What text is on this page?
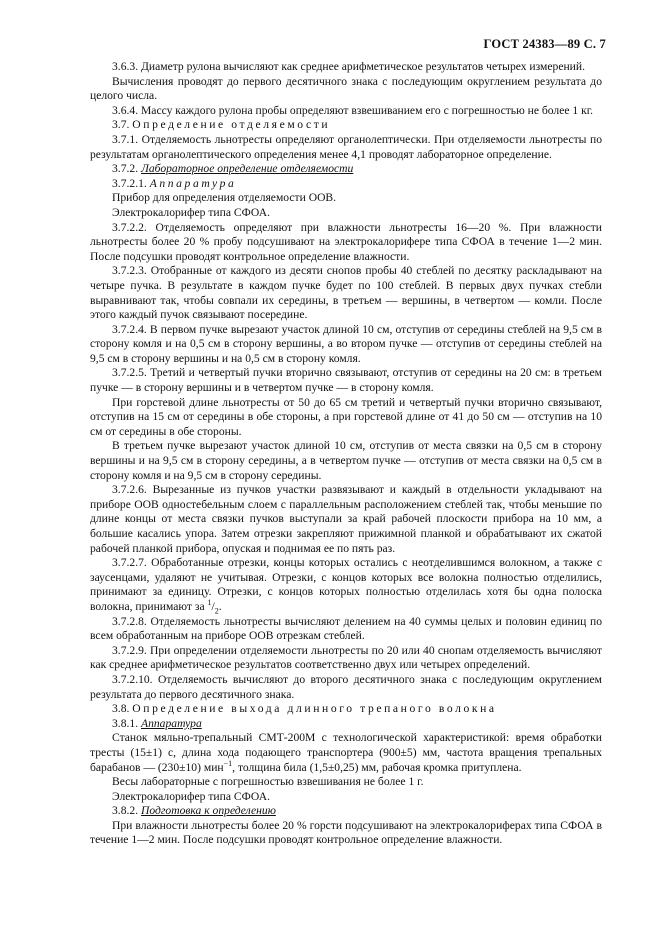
ГОСТ 24383—89 С. 7

3.6.3. Диаметр рулона вычисляют как среднее арифметическое результатов четырех измерений.

Вычисления проводят до первого десятичного знака с последующим округлением результата до целого числа.

3.6.4. Массу каждого рулона пробы определяют взвешиванием его с погрешностью не более 1 кг.

3.7. Определение отделяемости

3.7.1. Отделяемость льнотресты определяют органолептически. При отделяемости льнотресты по результатам органолептического определения менее 4,1 проводят лабораторное определение.

3.7.2. Лабораторное определение отделяемости

3.7.2.1. Аппаратура

Прибор для определения отделяемости ООВ.

Электрокалорифер типа СФОА.

3.7.2.2. Отделяемость определяют при влажности льнотресты 16—20 %. При влажности льнотресты более 20 % пробу подсушивают на электрокалорифере типа СФОА в течение 1—2 мин. После подсушки проводят контрольное определение влажности.

3.7.2.3. Отобранные от каждого из десяти снопов пробы 40 стеблей по десятку раскладывают на четыре пучка. В результате в каждом пучке будет по 100 стеблей. В первых двух пучках стебли выравнивают так, чтобы совпали их середины, в третьем — вершины, в четвертом — комли. После этого каждый пучок связывают посередине.

3.7.2.4. В первом пучке вырезают участок длиной 10 см, отступив от середины стеблей на 9,5 см в сторону комля и на 0,5 см в сторону вершины, а во втором пучке — отступив от середины стеблей на 9,5 см в сторону вершины и на 0,5 см в сторону комля.

3.7.2.5. Третий и четвертый пучки вторично связывают, отступив от середины на 20 см: в третьем пучке — в сторону вершины и в четвертом пучке — в сторону комля.

При горстевой длине льнотресты от 50 до 65 см третий и четвертый пучки вторично связывают, отступив на 15 см от середины в обе стороны, а при горстевой длине от 41 до 50 см — отступив на 10 см от середины в обе стороны.

В третьем пучке вырезают участок длиной 10 см, отступив от места связки на 0,5 см в сторону вершины и на 9,5 см в сторону середины, а в четвертом пучке — отступив от места связки на 0,5 см в сторону комля и на 9,5 см в сторону середины.

3.7.2.6. Вырезанные из пучков участки развязывают и каждый в отдельности укладывают на приборе ООВ одностебельным слоем с параллельным расположением стеблей так, чтобы меньшие по длине концы от места связки пучков выступали за край рабочей плоскости прибора на 10 мм, а большие касались упора. Затем отрезки закрепляют прижимной планкой и обрабатывают их сжатой рабочей планкой прибора, опуская и поднимая ее по пять раз.

3.7.2.7. Обработанные отрезки, концы которых остались с неотделившимся волокном, а также с заусенцами, удаляют не учитывая. Отрезки, с концов которых все волокна полностью отделились, принимают за единицу. Отрезки, с концов которых полностью отделилась хотя бы одна полоска волокна, принимают за $^1/_2$.

3.7.2.8. Отделяемость льнотресты вычисляют делением на 40 суммы целых и половин единиц по всем обработанным на приборе ООВ отрезкам стеблей.

3.7.2.9. При определении отделяемости льнотресты по 20 или 40 снопам отделяемость вычисляют как среднее арифметическое результатов соответственно двух или четырех определений.

3.7.2.10. Отделяемость вычисляют до второго десятичного знака с последующим округлением результата до первого десятичного знака.

3.8. Определение выхода длинного трепаного волокна

3.8.1. Аппаратура

Станок мяльно-трепальный СМТ-200М с технологической характеристикой: время обработки тресты (15±1) с, длина хода подающего транспортера (900±5) мм, частота вращения трепальных барабанов — (230±10) мин$^{-1}$, толщина била (1,5±0,25) мм, рабочая кромка притуплена.

Весы лабораторные с погрешностью взвешивания не более 1 г.

Электрокалорифер типа СФОА.

3.8.2. Подготовка к определению

При влажности льнотресты более 20 % горсти подсушивают на электрокалориферах типа СФОА в течение 1—2 мин. После подсушки проводят контрольное определение влажности.
